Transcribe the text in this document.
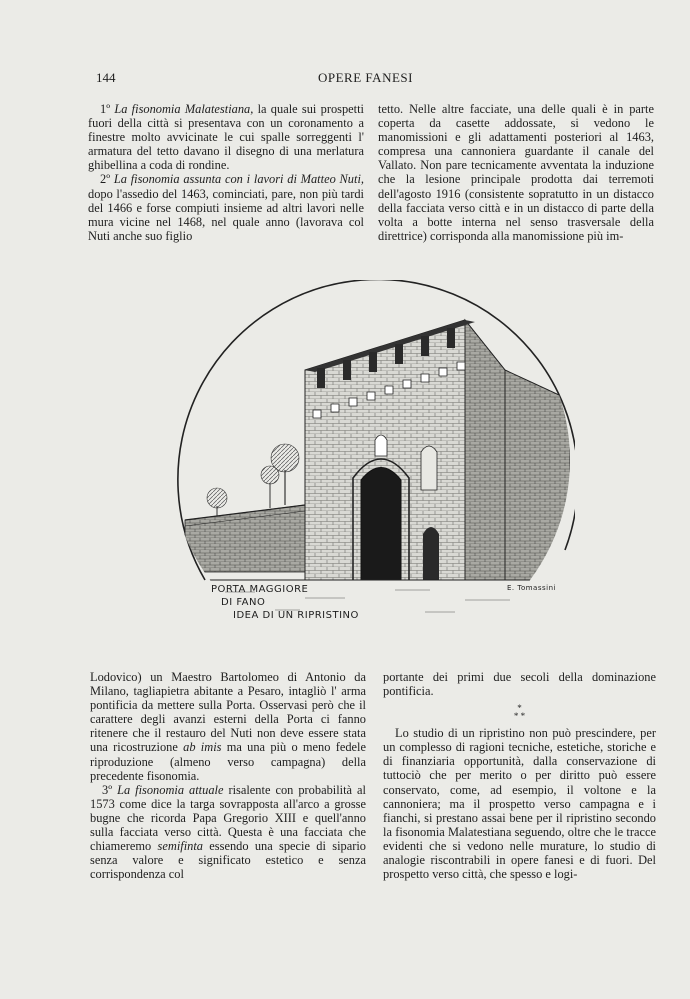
144	OPERE FANESI

1º La fisonomia Malatestiana, la quale sui prospetti fuori della città si presentava con un coronamento a finestre molto avvicinate le cui spalle sorreggenti l' armatura del tetto davano il disegno di una merlatura ghibellina a coda di rondine.

2º La fisonomia assunta con i lavori di Matteo Nuti, dopo l'assedio del 1463, cominciati, pare, non più tardi del 1466 e forse compiuti insieme ad altri lavori nelle mura vicine nel 1468, nel quale anno (lavorava col Nuti anche suo figlio

tetto. Nelle altre facciate, una delle quali è in parte coperta da casette addossate, si vedono le manomissioni e gli adattamenti posteriori al 1463, compresa una cannoniera guardante il canale del Vallato. Non pare tecnicamente avventata la induzione che la lesione principale prodotta dai terremoti dell'agosto 1916 (consistente sopratutto in un distacco della facciata verso città e in un distacco di parte della volta a botte interna nel senso trasversale della direttrice) corrisponda alla manomissione più im-

PORTA MAGGIORE
DI FANO
IDEA DI UN RIPRISTINO
E. Tomassini

Lodovico) un Maestro Bartolomeo di Antonio da Milano, tagliapietra abitante a Pesaro, intagliò l' arma pontificia da mettere sulla Porta. Osservasi però che il carattere degli avanzi esterni della Porta ci fanno ritenere che il restauro del Nuti non deve essere stata una ricostruzione ab imis ma una più o meno fedele riproduzione (almeno verso campagna) della precedente fisonomia.

3º La fisonomia attuale risalente con probabilità al 1573 come dice la targa sovrapposta all'arco a grosse bugne che ricorda Papa Gregorio XIII e quell'anno sulla facciata verso città. Questa è una facciata che chiameremo semifinta essendo una specie di sipario senza valore e significato estetico e senza corrispondenza col

portante dei primi due secoli della dominazione pontificia.

*
* *

Lo studio di un ripristino non può prescindere, per un complesso di ragioni tecniche, estetiche, storiche e di finanziaria opportunità, dalla conservazione di tuttociò che per merito o per diritto può essere conservato, come, ad esempio, il voltone e la cannoniera; ma il prospetto verso campagna e i fianchi, si prestano assai bene per il ripristino secondo la fisonomia Malatestiana seguendo, oltre che le tracce evidenti che si vedono nelle murature, lo studio di analogie riscontrabili in opere fanesi e di fuori. Del prospetto verso città, che spesso e logi-
